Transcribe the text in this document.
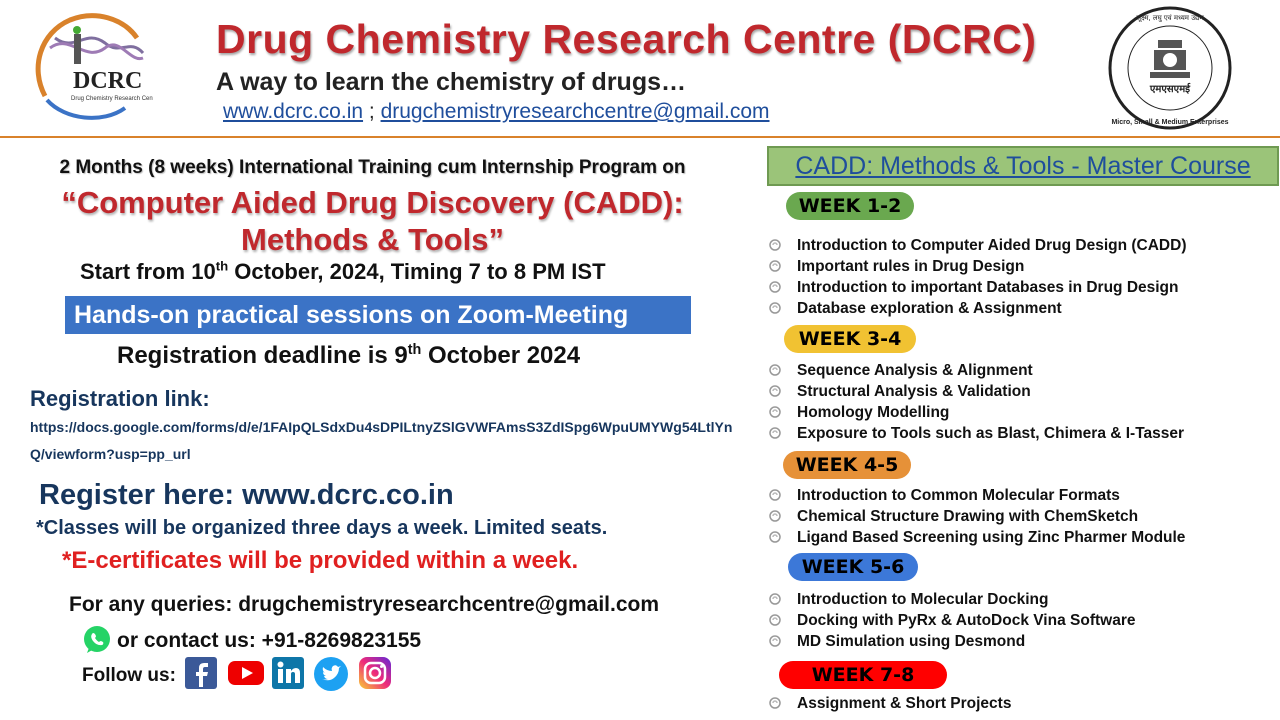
DCRC
Drug Chemistry Research Centre
Drug Chemistry Research Centre (DCRC)
A way to learn the chemistry of drugs…
www.dcrc.co.in ; drugchemistryresearchcentre@gmail.com
एमएसएमई
सूक्ष्म, लघु एवं मध्यम उद्यम
Micro, Small & Medium Enterprises
2 Months (8 weeks) International Training cum Internship Program on
“Computer Aided Drug Discovery (CADD):
Methods & Tools”
Start from 10th October, 2024, Timing 7 to 8 PM IST
Hands-on practical sessions on Zoom-Meeting
Registration deadline is 9th October 2024
Registration link:
https://docs.google.com/forms/d/e/1FAIpQLSdxDu4sDPILtnyZSlGVWFAmsS3ZdISpg6WpuUMYWg54LtlYnQ/viewform?usp=pp_url
Register here: www.dcrc.co.in
*Classes will be organized three days a week. Limited seats.
*E-certificates will be provided within a week.
For any queries: drugchemistryresearchcentre@gmail.com
or contact us: +91-8269823155
Follow us:
CADD: Methods & Tools - Master Course
WEEK 1-2
Introduction to Computer Aided Drug Design (CADD)
Important rules in Drug Design
Introduction to important Databases in Drug Design
Database exploration & Assignment
WEEK 3-4
Sequence Analysis & Alignment
Structural Analysis & Validation
Homology Modelling
Exposure to Tools such as Blast, Chimera & I-Tasser
WEEK 4-5
Introduction to Common Molecular Formats
Chemical Structure Drawing with ChemSketch
Ligand Based Screening using Zinc Pharmer Module
WEEK 5-6
Introduction to Molecular Docking
Docking with PyRx & AutoDock Vina Software
MD Simulation using Desmond
WEEK 7-8
Assignment & Short Projects
